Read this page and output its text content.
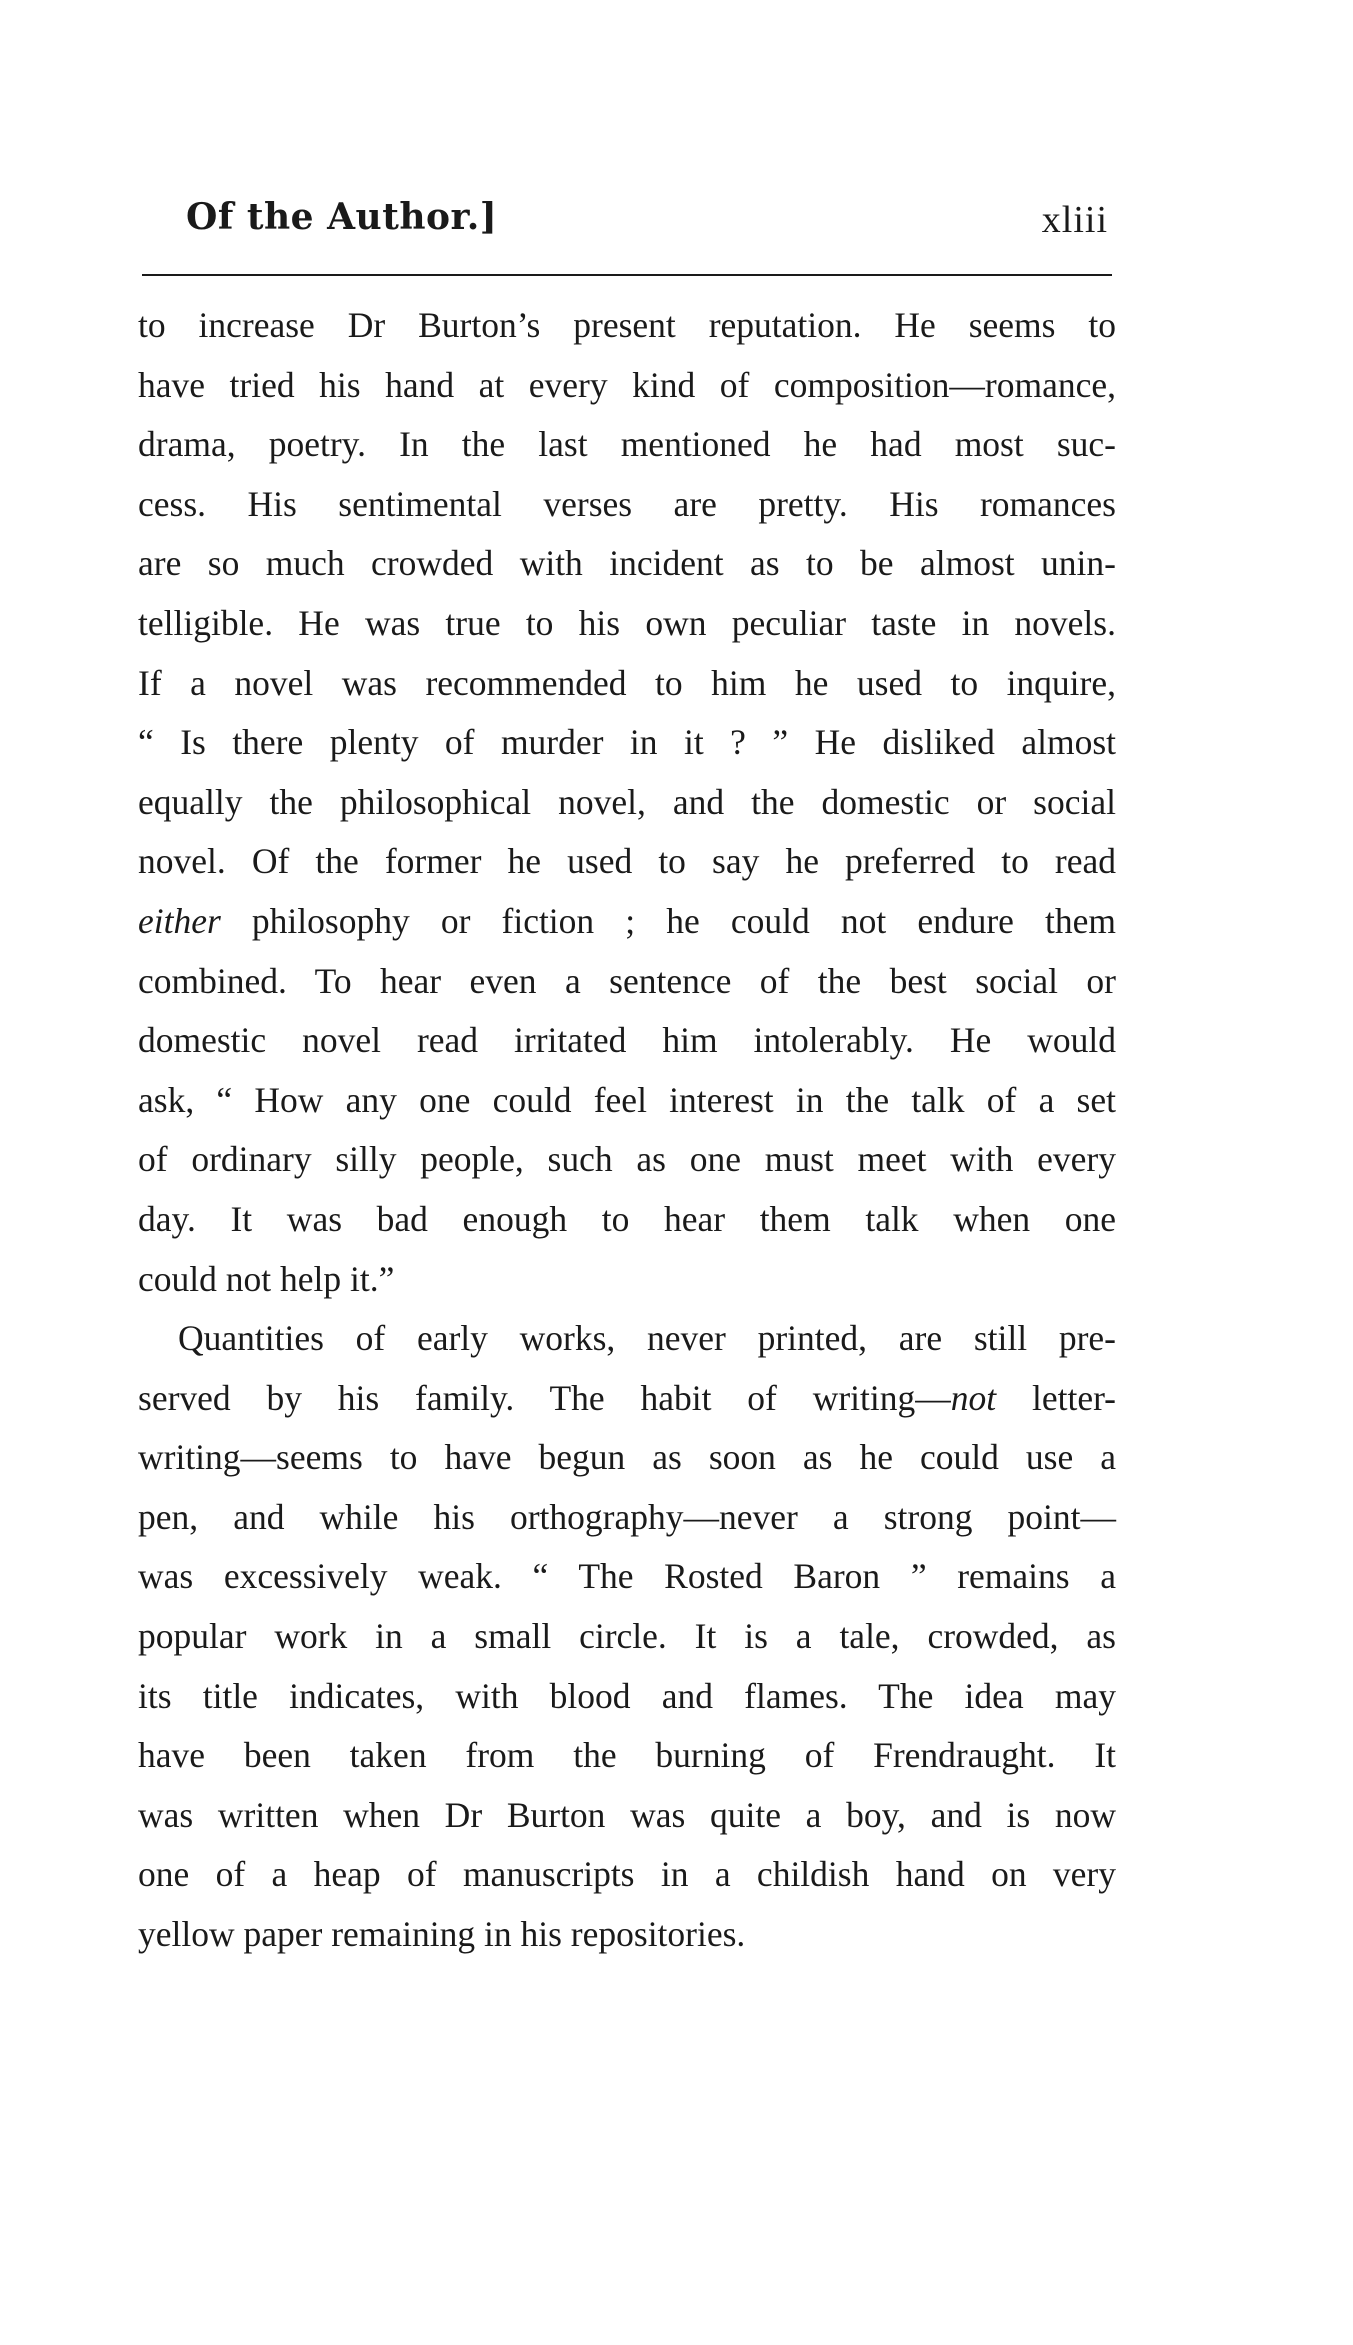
Of the Author.]	xliii
to increase Dr Burton’s present reputation. He seems to
have tried his hand at every kind of composition—romance,
drama, poetry. In the last mentioned he had most suc-
cess. His sentimental verses are pretty. His romances
are so much crowded with incident as to be almost unin-
telligible. He was true to his own peculiar taste in novels.
If a novel was recommended to him he used to inquire,
“ Is there plenty of murder in it ? ” He disliked almost
equally the philosophical novel, and the domestic or social
novel. Of the former he used to say he preferred to read
either philosophy or fiction ; he could not endure them
combined. To hear even a sentence of the best social or
domestic novel read irritated him intolerably. He would
ask, “ How any one could feel interest in the talk of a set
of ordinary silly people, such as one must meet with every
day. It was bad enough to hear them talk when one
could not help it.”
Quantities of early works, never printed, are still pre-
served by his family. The habit of writing—not letter-
writing—seems to have begun as soon as he could use a
pen, and while his orthography—never a strong point—
was excessively weak. “ The Rosted Baron ” remains a
popular work in a small circle. It is a tale, crowded, as
its title indicates, with blood and flames. The idea may
have been taken from the burning of Frendraught. It
was written when Dr Burton was quite a boy, and is now
one of a heap of manuscripts in a childish hand on very
yellow paper remaining in his repositories.
